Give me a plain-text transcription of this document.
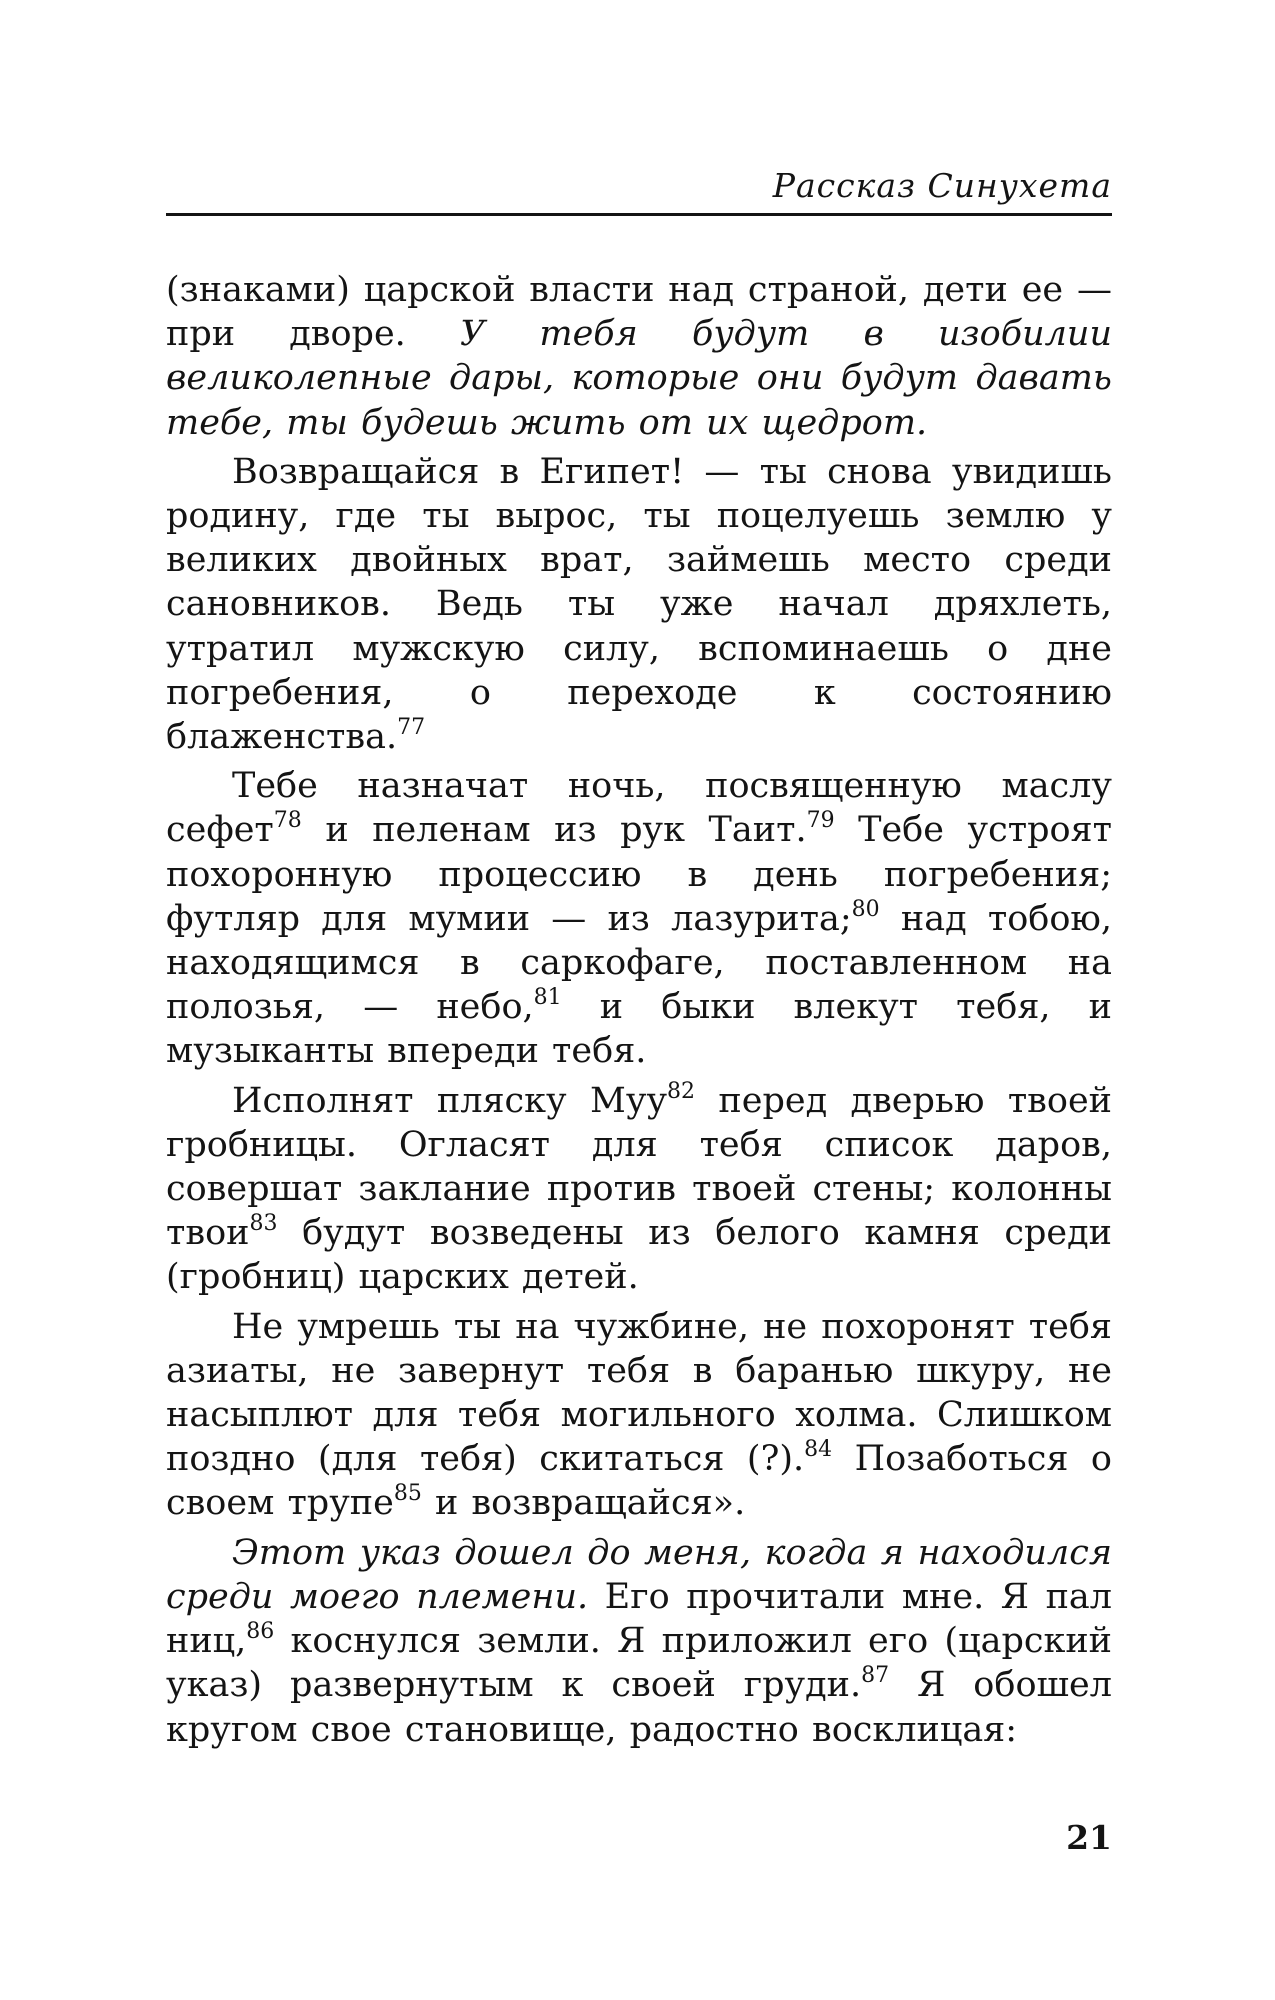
Рассказ Синухета

(знаками) царской власти над страной, дети ее — при дворе. У тебя будут в изобилии великолепные дары, которые они будут давать тебе, ты будешь жить от их щедрот.

Возвращайся в Египет! — ты снова увидишь родину, где ты вырос, ты поцелуешь землю у великих двойных врат, займешь место среди сановников. Ведь ты уже начал дряхлеть, утратил мужскую силу, вспоминаешь о дне погребения, о переходе к состоянию блаженства.$^{77}$

Тебе назначат ночь, посвященную маслу сефет$^{78}$ и пеленам из рук Таит.$^{79}$ Тебе устроят похоронную процессию в день погребения; футляр для мумии — из лазурита;$^{80}$ над тобою, находящимся в саркофаге, поставленном на полозья, — небо,$^{81}$ и быки влекут тебя, и музыканты впереди тебя.

Исполнят пляску Муу$^{82}$ перед дверью твоей гробницы. Огласят для тебя список даров, совершат заклание против твоей стены; колонны твои$^{83}$ будут возведены из белого камня среди (гробниц) царских детей.

Не умрешь ты на чужбине, не похоронят тебя азиаты, не завернут тебя в баранью шкуру, не насыплют для тебя могильного холма. Слишком поздно (для тебя) скитаться (?).$^{84}$ Позаботься о своем трупе$^{85}$ и возвращайся».

Этот указ дошел до меня, когда я находился среди моего племени. Его прочитали мне. Я пал ниц,$^{86}$ коснулся земли. Я приложил его (царский указ) развернутым к своей груди.$^{87}$ Я обошел кругом свое становище, радостно восклицая:

21
